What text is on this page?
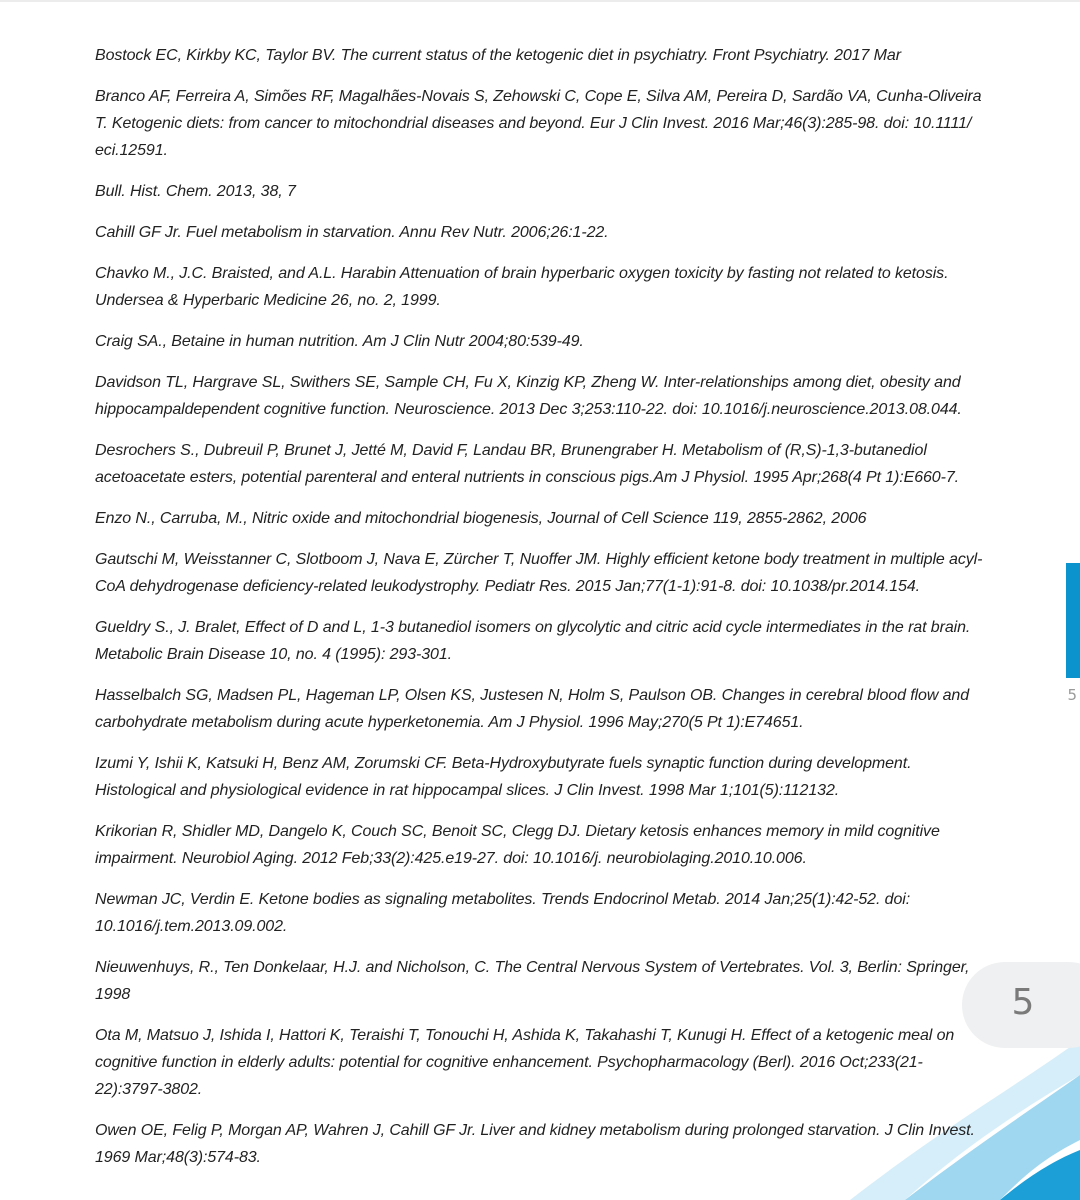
Bostock EC, Kirkby KC, Taylor BV. The current status of the ketogenic diet in psychiatry. Front Psychiatry. 2017 Mar

Branco AF, Ferreira A, Simões RF, Magalhães-Novais S, Zehowski C, Cope E, Silva AM, Pereira D, Sardão VA, Cunha-Oliveira T. Ketogenic diets: from cancer to mitochondrial diseases and beyond. Eur J Clin Invest. 2016 Mar;46(3):285-98. doi: 10.1111/ eci.12591.

Bull. Hist. Chem. 2013, 38, 7

Cahill GF Jr. Fuel metabolism in starvation. Annu Rev Nutr. 2006;26:1-22.

Chavko M., J.C. Braisted, and A.L. Harabin Attenuation of brain hyperbaric oxygen toxicity by fasting not related to ketosis. Undersea & Hyperbaric Medicine 26, no. 2, 1999.

Craig SA., Betaine in human nutrition. Am J Clin Nutr 2004;80:539-49.

Davidson TL, Hargrave SL, Swithers SE, Sample CH, Fu X, Kinzig KP, Zheng W. Inter-relationships among diet, obesity and hippocampaldependent cognitive function. Neuroscience. 2013 Dec 3;253:110-22. doi: 10.1016/j.neuroscience.2013.08.044.

Desrochers S., Dubreuil P, Brunet J, Jetté M, David F, Landau BR, Brunengraber H. Metabolism of (R,S)-1,3-butanediol acetoacetate esters, potential parenteral and enteral nutrients in conscious pigs.Am J Physiol. 1995 Apr;268(4 Pt 1):E660-7.

Enzo N., Carruba, M., Nitric oxide and mitochondrial biogenesis, Journal of Cell Science 119, 2855-2862, 2006

Gautschi M, Weisstanner C, Slotboom J, Nava E, Zürcher T, Nuoffer JM. Highly efficient ketone body treatment in multiple acyl-CoA dehydrogenase deficiency-related leukodystrophy. Pediatr Res. 2015 Jan;77(1-1):91-8. doi: 10.1038/pr.2014.154.

Gueldry S., J. Bralet, Effect of D and L, 1-3 butanediol isomers on glycolytic and citric acid cycle intermediates in the rat brain. Metabolic Brain Disease 10, no. 4 (1995): 293-301.

Hasselbalch SG, Madsen PL, Hageman LP, Olsen KS, Justesen N, Holm S, Paulson OB. Changes in cerebral blood flow and carbohydrate metabolism during acute hyperketonemia. Am J Physiol. 1996 May;270(5 Pt 1):E74651.

Izumi Y, Ishii K, Katsuki H, Benz AM, Zorumski CF. Beta-Hydroxybutyrate fuels synaptic function during development. Histological and physiological evidence in rat hippocampal slices. J Clin Invest. 1998 Mar 1;101(5):112132.

Krikorian R, Shidler MD, Dangelo K, Couch SC, Benoit SC, Clegg DJ. Dietary ketosis enhances memory in mild cognitive impairment. Neurobiol Aging. 2012 Feb;33(2):425.e19-27. doi: 10.1016/j. neurobiolaging.2010.10.006.

Newman JC, Verdin E. Ketone bodies as signaling metabolites. Trends Endocrinol Metab. 2014 Jan;25(1):42-52. doi: 10.1016/j.tem.2013.09.002.

Nieuwenhuys, R., Ten Donkelaar, H.J. and Nicholson, C. The Central Nervous System of Vertebrates. Vol. 3, Berlin: Springer, 1998

Ota M, Matsuo J, Ishida I, Hattori K, Teraishi T, Tonouchi H, Ashida K, Takahashi T, Kunugi H. Effect of a ketogenic meal on cognitive function in elderly adults: potential for cognitive enhancement. Psychopharmacology (Berl). 2016 Oct;233(21-22):3797-3802.

Owen OE, Felig P, Morgan AP, Wahren J, Cahill GF Jr. Liver and kidney metabolism during prolonged starvation. J Clin Invest. 1969 Mar;48(3):574-83.

5
5
